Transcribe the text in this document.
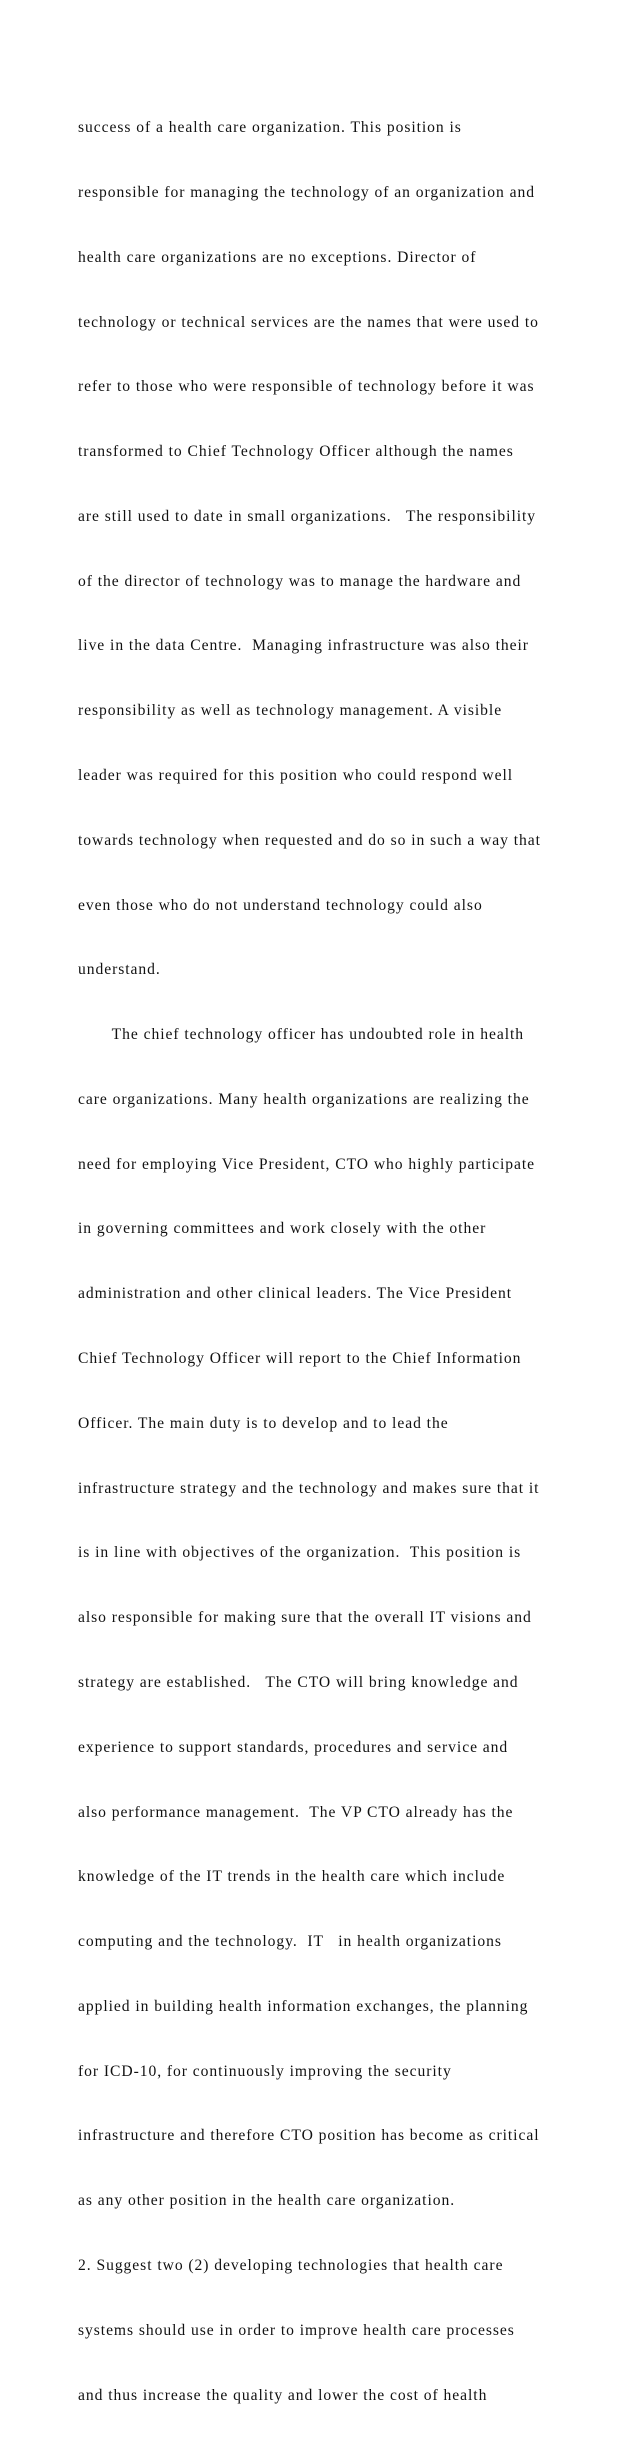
success of a health care organization. This position is

responsible for managing the technology of an organization and

health care organizations are no exceptions. Director of

technology or technical services are the names that were used to

refer to those who were responsible of technology before it was

transformed to Chief Technology Officer although the names

are still used to date in small organizations.   The responsibility

of the director of technology was to manage the hardware and

live in the data Centre.  Managing infrastructure was also their

responsibility as well as technology management. A visible

leader was required for this position who could respond well

towards technology when requested and do so in such a way that

even those who do not understand technology could also

understand.

The chief technology officer has undoubted role in health

care organizations. Many health organizations are realizing the

need for employing Vice President, CTO who highly participate

in governing committees and work closely with the other

administration and other clinical leaders. The Vice President

Chief Technology Officer will report to the Chief Information

Officer. The main duty is to develop and to lead the

infrastructure strategy and the technology and makes sure that it

is in line with objectives of the organization.  This position is

also responsible for making sure that the overall IT visions and

strategy are established.   The CTO will bring knowledge and

experience to support standards, procedures and service and

also performance management.  The VP CTO already has the

knowledge of the IT trends in the health care which include

computing and the technology.  IT   in health organizations

applied in building health information exchanges, the planning

for ICD-10, for continuously improving the security

infrastructure and therefore CTO position has become as critical

as any other position in the health care organization.

2. Suggest two (2) developing technologies that health care

systems should use in order to improve health care processes

and thus increase the quality and lower the cost of health
